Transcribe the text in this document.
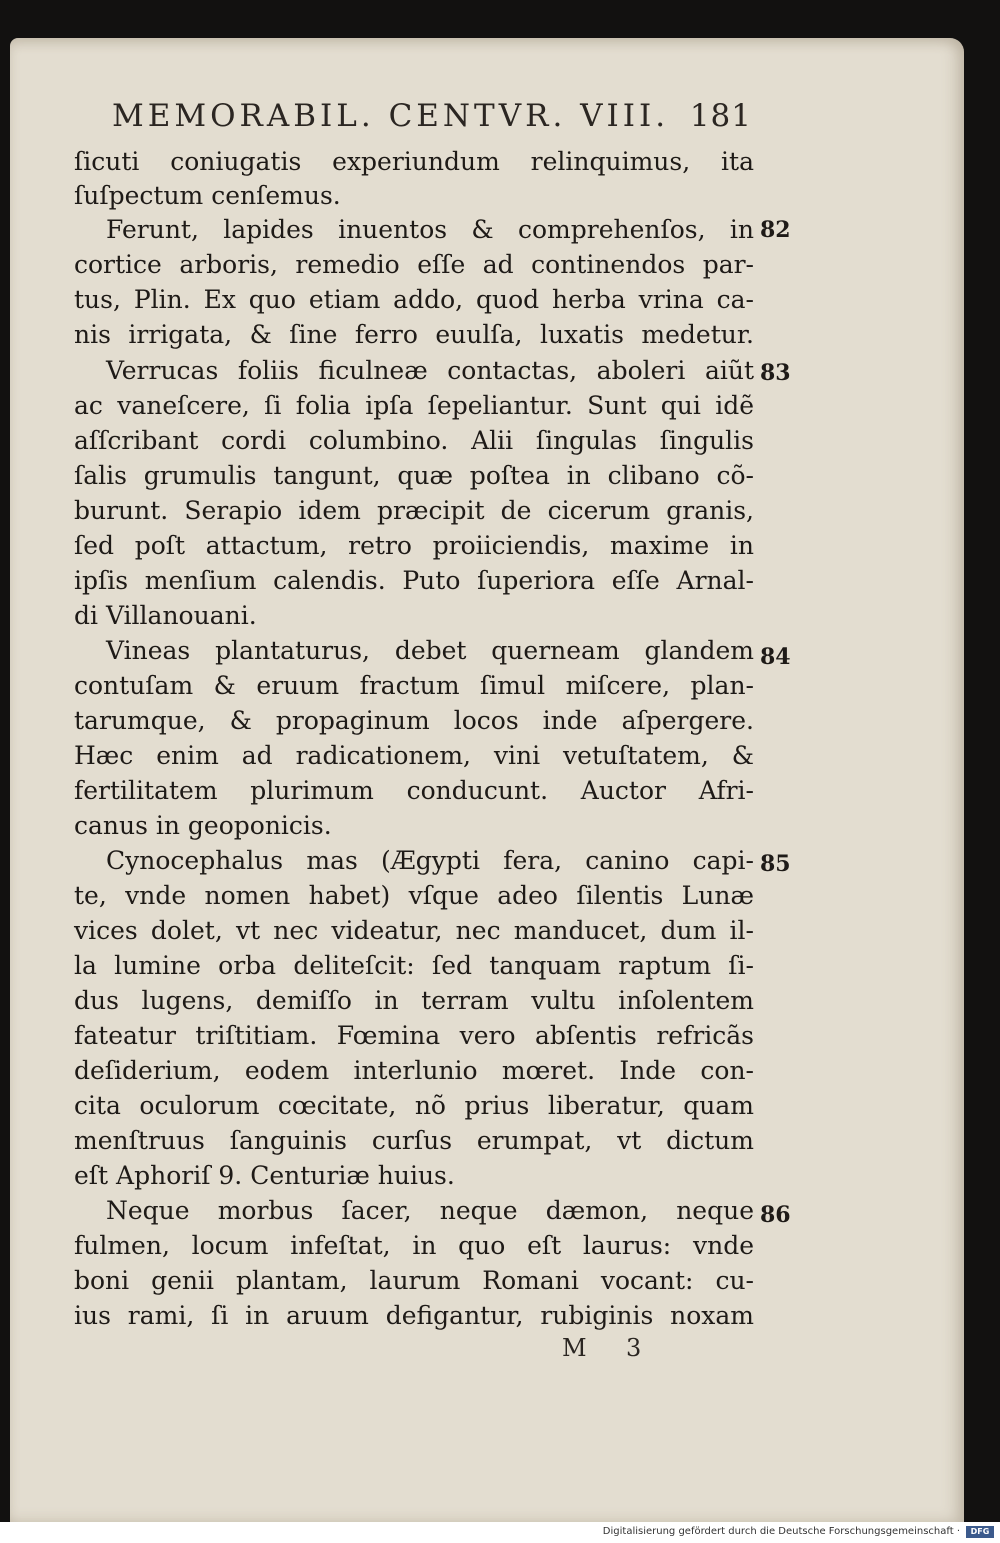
MEMORABIL. CENTVR. VIII. 181
ſicuti coniugatis experiundum relinquimus, ita
ſuſpectum cenſemus.
Ferunt, lapides inuentos & comprehenſos, in
cortice arboris, remedio eſſe ad continendos par-
tus, Plin. Ex quo etiam addo, quod herba vrina ca-
nis irrigata, & ſine ferro euulſa, luxatis medetur.
Verrucas foliis ficulneæ contactas, aboleri aiũt
ac vaneſcere, ſi folia ipſa ſepeliantur. Sunt qui idẽ
aſſcribant cordi columbino. Alii ſingulas ſingulis
ſalis grumulis tangunt, quæ poſtea in clibano cõ-
burunt. Serapio idem præcipit de cicerum granis,
ſed poſt attactum, retro proiiciendis, maxime in
ipſis menſium calendis. Puto ſuperiora eſſe Arnal-
di Villanouani.
Vineas plantaturus, debet querneam glandem
contuſam & eruum fractum ſimul miſcere, plan-
tarumque, & propaginum locos inde aſpergere.
Hæc enim ad radicationem, vini vetuſtatem, &
fertilitatem plurimum conducunt. Auctor Afri-
canus in geoponicis.
Cynocephalus mas (Ægypti fera, canino capi-
te, vnde nomen habet) vſque adeo ſilentis Lunæ
vices dolet, vt nec videatur, nec manducet, dum il-
la lumine orba deliteſcit: ſed tanquam raptum ſi-
dus lugens, demiſſo in terram vultu inſolentem
fateatur triſtitiam. Fœmina vero abſentis refricãs
deſiderium, eodem interlunio mœret. Inde con-
cita oculorum cœcitate, nõ prius liberatur, quam
menſtruus ſanguinis curſus erumpat, vt dictum
eſt Aphoriſ 9. Centuriæ huius.
Neque morbus ſacer, neque dæmon, neque
fulmen, locum infeſtat, in quo eſt laurus: vnde
boni genii plantam, laurum Romani vocant: cu-
ius rami, ſi in aruum defigantur, rubiginis noxam
82
83
84
85
86
M 3
Digitalisierung gefördert durch die Deutsche Forschungsgemeinschaft ·	DFG
